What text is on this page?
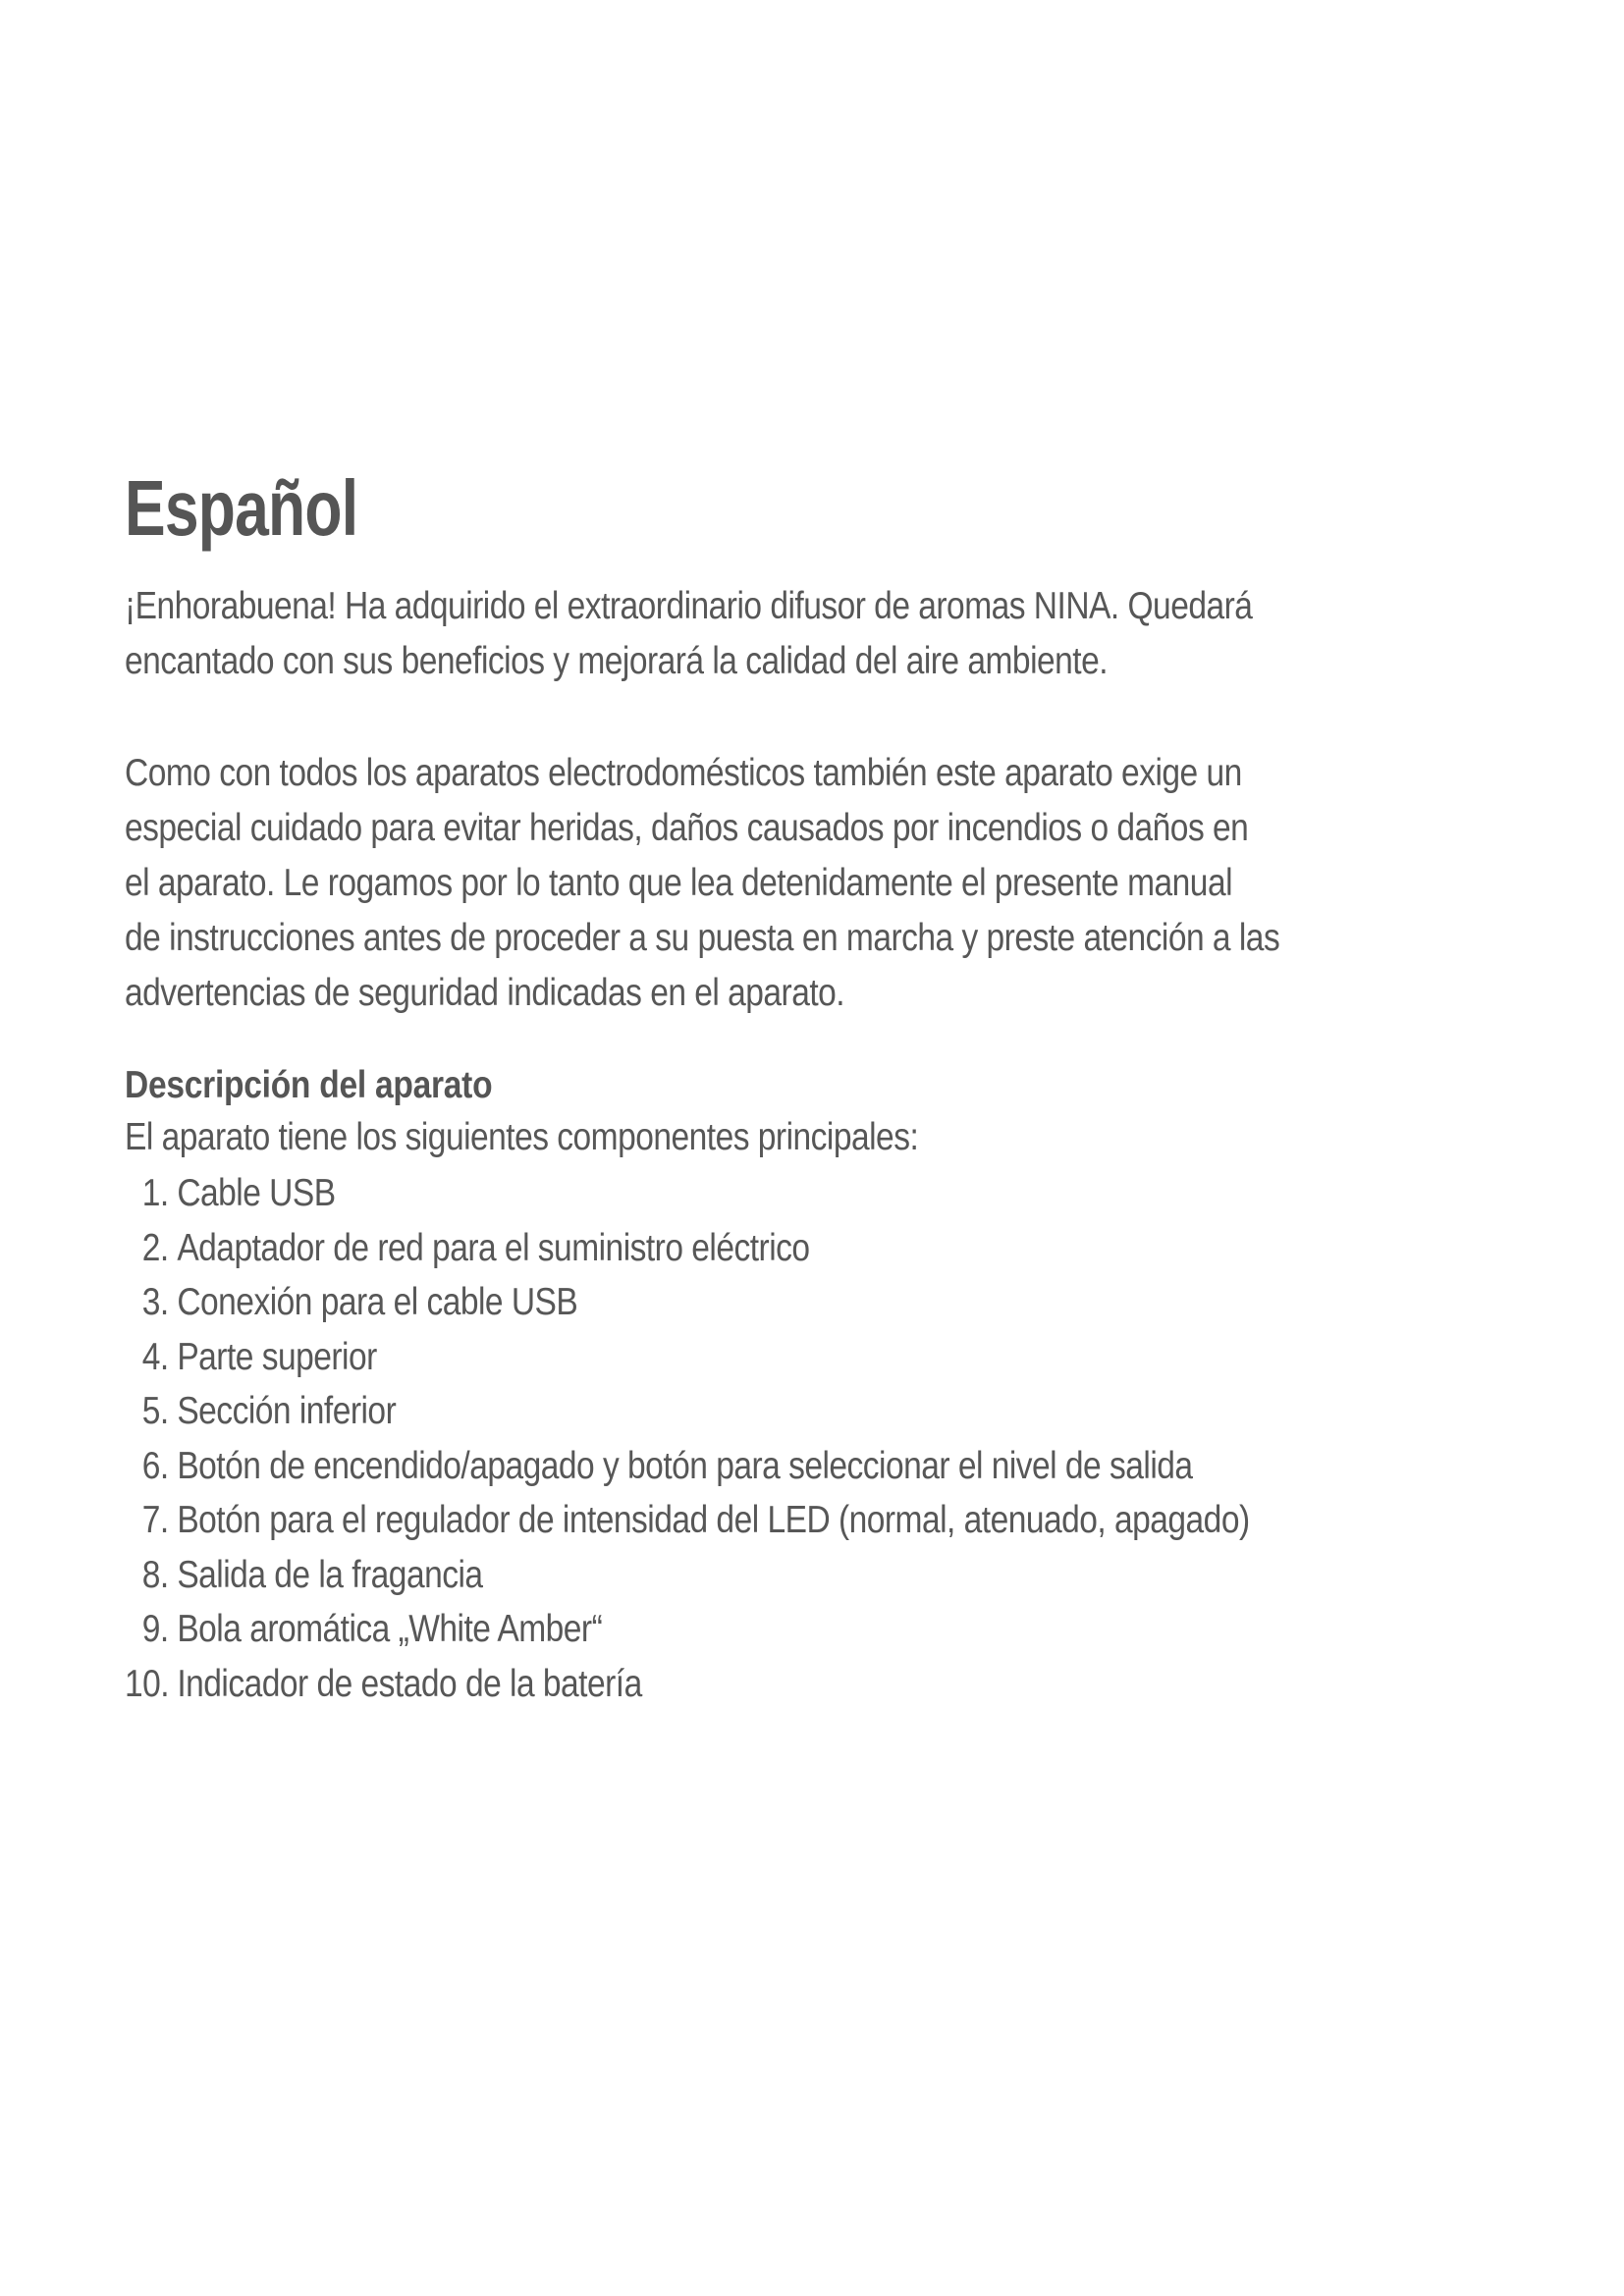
Español
¡Enhorabuena! Ha adquirido el extraordinario difusor de aromas NINA. Quedará
encantado con sus beneficios y mejorará la calidad del aire ambiente.
Como con todos los aparatos electrodomésticos también este aparato exige un
especial cuidado para evitar heridas, daños causados por incendios o daños en
el aparato. Le rogamos por lo tanto que lea detenidamente el presente manual
de instrucciones antes de proceder a su puesta en marcha y preste atención a las
advertencias de seguridad indicadas en el aparato.
Descripción del aparato
El aparato tiene los siguientes componentes principales:
1. Cable USB
2. Adaptador de red para el suministro eléctrico
3. Conexión para el cable USB
4. Parte superior
5. Sección inferior
6. Botón de encendido/apagado y botón para seleccionar el nivel de salida
7. Botón para el regulador de intensidad del LED (normal, atenuado, apagado)
8. Salida de la fragancia
9. Bola aromática „White Amber“
10. Indicador de estado de la batería
